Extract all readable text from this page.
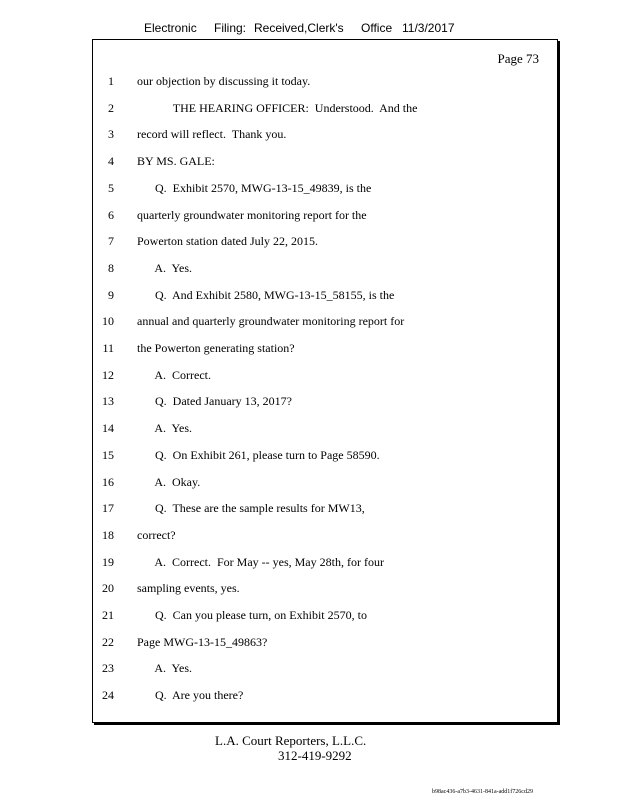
Electronic Filing: Received,Clerk's Office 11/3/2017
Page 73
1 our objection by discussing it today.
2 THE HEARING OFFICER:  Understood.  And the
3 record will reflect.  Thank you.
4 BY MS. GALE:
5 Q.  Exhibit 2570, MWG-13-15_49839, is the
6 quarterly groundwater monitoring report for the
7 Powerton station dated July 22, 2015.
8 A.  Yes.
9 Q.  And Exhibit 2580, MWG-13-15_58155, is the
10 annual and quarterly groundwater monitoring report for
11 the Powerton generating station?
12 A.  Correct.
13 Q.  Dated January 13, 2017?
14 A.  Yes.
15 Q.  On Exhibit 261, please turn to Page 58590.
16 A.  Okay.
17 Q.  These are the sample results for MW13,
18 correct?
19 A.  Correct.  For May -- yes, May 28th, for four
20 sampling events, yes.
21 Q.  Can you please turn, on Exhibit 2570, to
22 Page MWG-13-15_49863?
23 A.  Yes.
24 Q.  Are you there?
L.A. Court Reporters, L.L.C.
312-419-9292
b98ac436-a7b3-4631-841a-add1f726cd29
